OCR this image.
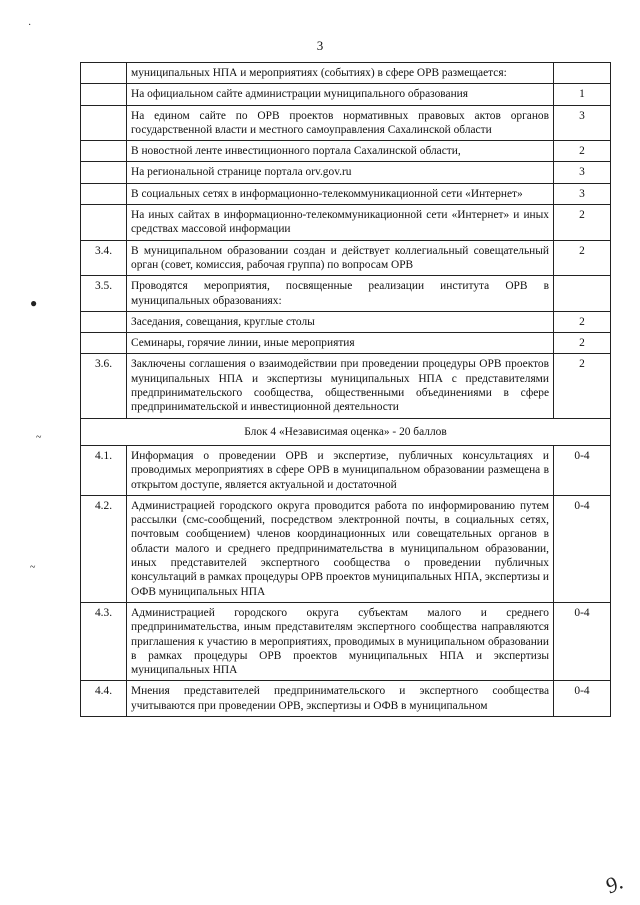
3
	муниципальных НПА и мероприятиях (событиях) в сфере ОРВ размещается:	
	На официальном сайте администрации муниципального образования	1
	На едином сайте по ОРВ проектов нормативных правовых актов органов государственной власти и местного самоуправления Сахалинской области	3
	В новостной ленте инвестиционного портала Сахалинской области,	2
	На региональной странице портала orv.gov.ru	3
	В социальных сетях в информационно-телекоммуникационной сети «Интернет»	3
	На иных сайтах в информационно-телекоммуникационной сети «Интернет» и иных средствах массовой информации	2
3.4.	В муниципальном образовании создан и действует коллегиальный совещательный орган (совет, комиссия, рабочая группа) по вопросам ОРВ	2
3.5.	Проводятся мероприятия, посвященные реализации института ОРВ в муниципальных образованиях:	
	Заседания, совещания, круглые столы	2
	Семинары, горячие линии, иные мероприятия	2
3.6.	Заключены соглашения о взаимодействии при проведении процедуры ОРВ проектов муниципальных НПА и экспертизы муниципальных НПА с представителями предпринимательского сообщества, общественными объединениями в сфере предпринимательской и инвестиционной деятельности	2
Блок 4 «Независимая оценка» - 20 баллов		
4.1.	Информация о проведении ОРВ и экспертизе, публичных консультациях и проводимых мероприятиях в сфере ОРВ в муниципальном образовании размещена в открытом доступе, является актуальной и достаточной	0-4
4.2.	Администрацией городского округа проводится работа по информированию путем рассылки (смс-сообщений, посредством электронной почты, в социальных сетях, почтовым сообщением) членов координационных или совещательных органов в области малого и среднего предпринимательства в муниципальном образовании, иных представителей экспертного сообщества о проведении публичных консультаций в рамках процедуры ОРВ проектов муниципальных НПА, экспертизы и ОФВ муниципальных НПА	0-4
4.3.	Администрацией городского округа субъектам малого и среднего предпринимательства, иным представителям экспертного сообщества направляются приглашения к участию в мероприятиях, проводимых в муниципальном образовании в рамках процедуры ОРВ проектов муниципальных НПА и экспертизы муниципальных НПА	0-4
4.4.	Мнения представителей предпринимательского и экспертного сообщества учитываются при проведении ОРВ, экспертизы и ОФВ в муниципальном	0-4
·
●
~
~
9.
